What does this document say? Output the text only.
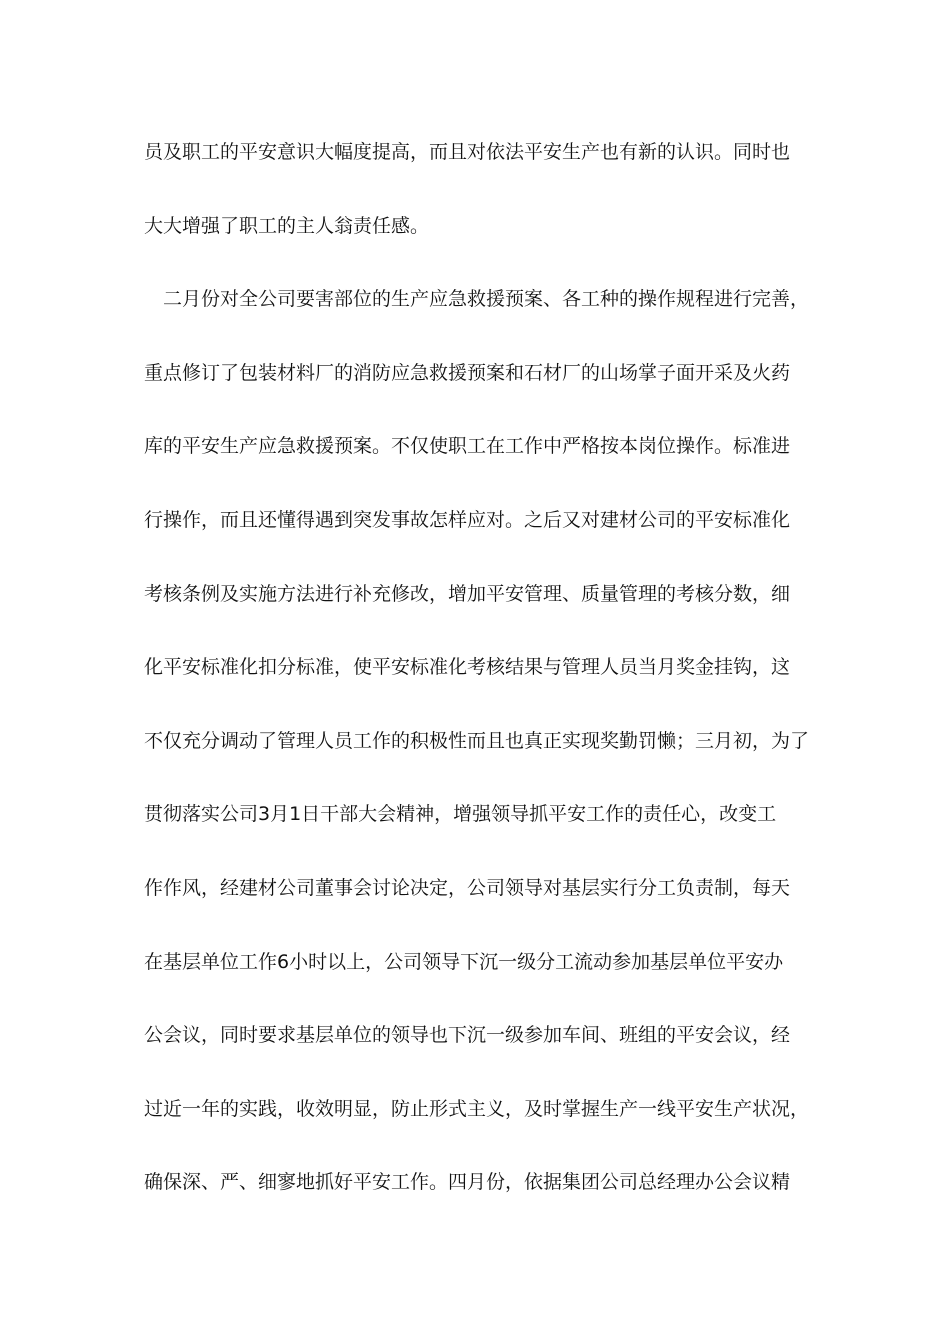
员及职工的平安意识大幅度提高，而且对依法平安生产也有新的认识。同时也
大大增强了职工的主人翁责任感。
二月份对全公司要害部位的生产应急救援预案、各工种的操作规程进行完善，
重点修订了包装材料厂的消防应急救援预案和石材厂的山场掌子面开采及火药
库的平安生产应急救援预案。不仅使职工在工作中严格按本岗位操作。标准进
行操作，而且还懂得遇到突发事故怎样应对。之后又对建材公司的平安标准化
考核条例及实施方法进行补充修改，增加平安管理、质量管理的考核分数，细
化平安标准化扣分标准，使平安标准化考核结果与管理人员当月奖金挂钩，这
不仅充分调动了管理人员工作的积极性而且也真正实现奖勤罚懒；三月初，为了
贯彻落实公司3月1日干部大会精神，增强领导抓平安工作的责任心，改变工
作作风，经建材公司董事会讨论决定，公司领导对基层实行分工负责制，每天
在基层单位工作6小时以上，公司领导下沉一级分工流动参加基层单位平安办
公会议，同时要求基层单位的领导也下沉一级参加车间、班组的平安会议，经
过近一年的实践，收效明显，防止形式主义，及时掌握生产一线平安生产状况，
确保深、严、细寥地抓好平安工作。四月份，依据集团公司总经理办公会议精
